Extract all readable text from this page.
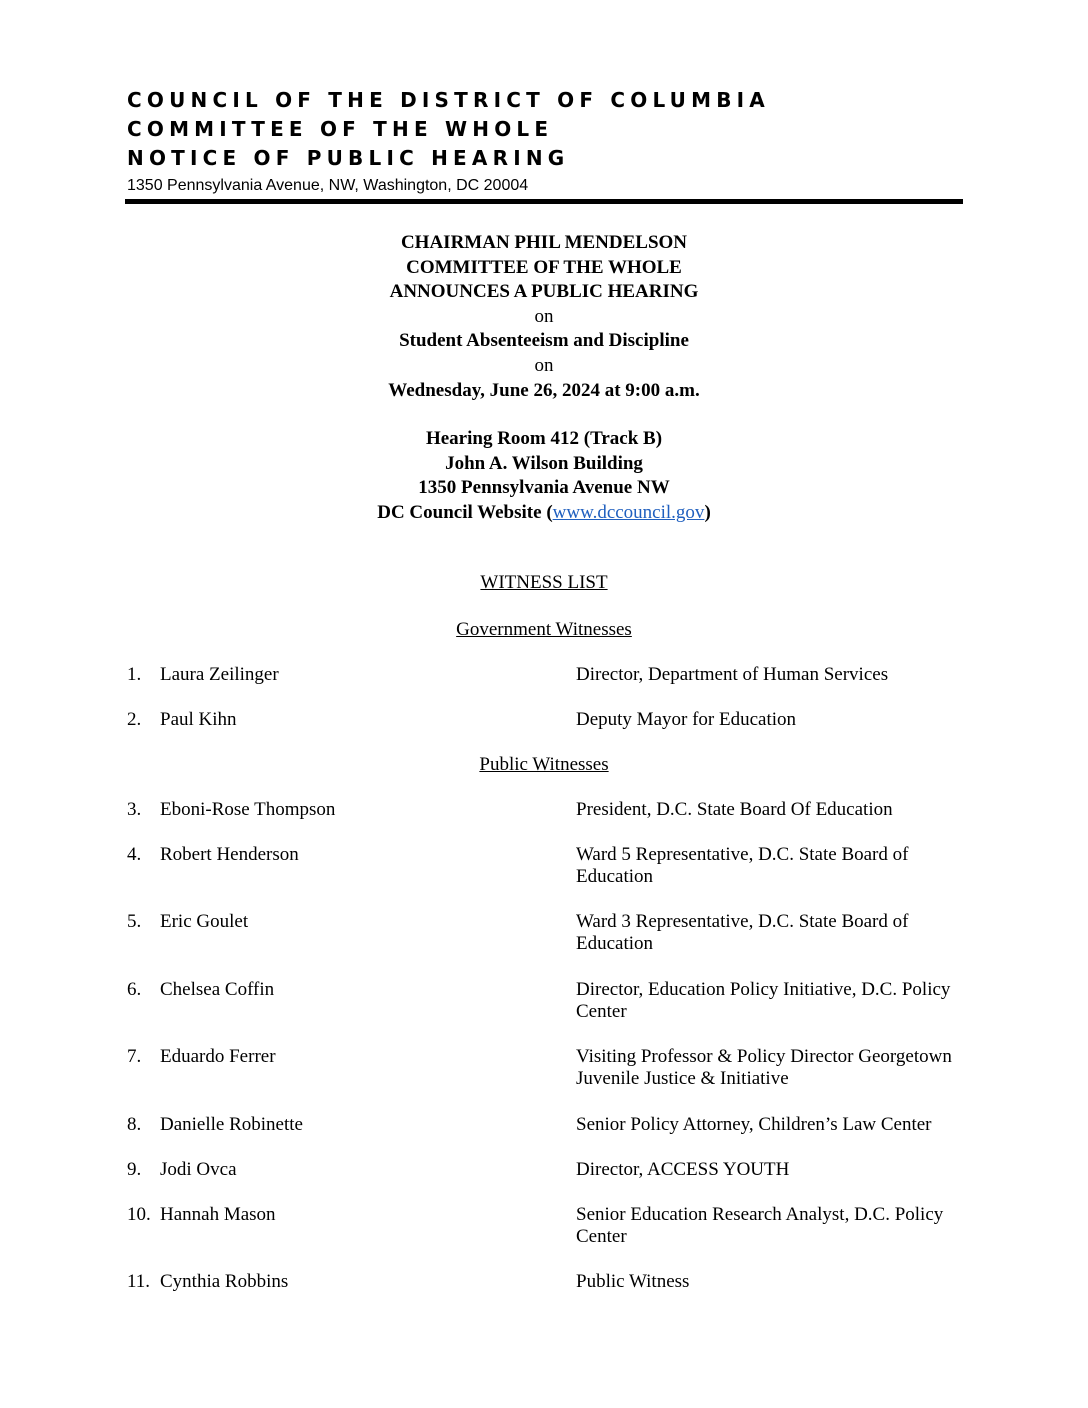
COUNCIL OF THE DISTRICT OF COLUMBIA
COMMITTEE OF THE WHOLE
NOTICE OF PUBLIC HEARING
1350 Pennsylvania Avenue, NW, Washington, DC 20004
CHAIRMAN PHIL MENDELSON
COMMITTEE OF THE WHOLE
ANNOUNCES A PUBLIC HEARING
on
Student Absenteeism and Discipline
on
Wednesday, June 26, 2024 at 9:00 a.m.
Hearing Room 412 (Track B)
John A. Wilson Building
1350 Pennsylvania Avenue NW
DC Council Website (www.dccouncil.gov)
WITNESS LIST
Government Witnesses
1. Laura Zeilinger	Director, Department of Human Services
2. Paul Kihn	Deputy Mayor for Education
Public Witnesses
3. Eboni-Rose Thompson	President, D.C. State Board Of Education
4. Robert Henderson	Ward 5 Representative, D.C. State Board of Education
5. Eric Goulet	Ward 3 Representative, D.C. State Board of Education
6. Chelsea Coffin	Director, Education Policy Initiative, D.C. Policy Center
7. Eduardo Ferrer	Visiting Professor & Policy Director Georgetown Juvenile Justice & Initiative
8. Danielle Robinette	Senior Policy Attorney, Children’s Law Center
9. Jodi Ovca	Director, ACCESS YOUTH
10. Hannah Mason	Senior Education Research Analyst, D.C. Policy Center
11. Cynthia Robbins	Public Witness
